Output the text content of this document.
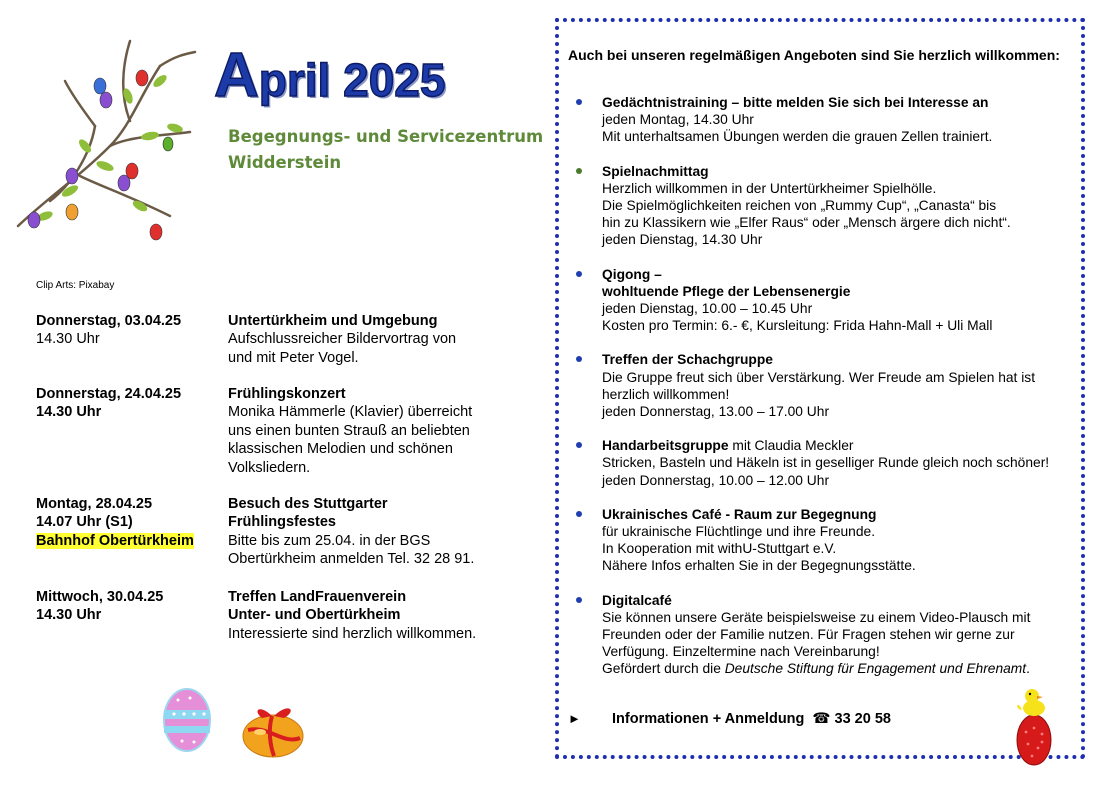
April 2025
Begegnungs- und Servicezentrum
Widderstein
Clip Arts: Pixabay
Donnerstag, 03.04.25
14.30 Uhr
Untertürkheim und Umgebung
Aufschlussreicher Bildervortrag von
und mit Peter Vogel.
Donnerstag, 24.04.25
14.30 Uhr
Frühlingskonzert
Monika Hämmerle (Klavier) überreicht
uns einen bunten Strauß an beliebten
klassischen Melodien und schönen
Volksliedern.
Montag, 28.04.25
14.07 Uhr (S1)
Bahnhof Obertürkheim
Besuch des Stuttgarter
Frühlingsfestes
Bitte bis zum 25.04. in der BGS
Obertürkheim anmelden Tel. 32 28 91.
Mittwoch, 30.04.25
14.30 Uhr
Treffen LandFrauenverein
Unter- und Obertürkheim
Interessierte sind herzlich willkommen.
Auch bei unseren regelmäßigen Angeboten sind Sie herzlich willkommen:
Gedächtnistraining – bitte melden Sie sich bei Interesse an
jeden Montag, 14.30 Uhr
Mit unterhaltsamen Übungen werden die grauen Zellen trainiert.
Spielnachmittag
Herzlich willkommen in der Untertürkheimer Spielhölle.
Die Spielmöglichkeiten reichen von „Rummy Cup“, „Canasta“ bis
hin zu Klassikern wie „Elfer Raus“ oder „Mensch ärgere dich nicht“.
jeden Dienstag, 14.30 Uhr
Qigong –
wohltuende Pflege der Lebensenergie
jeden Dienstag, 10.00 – 10.45 Uhr
Kosten pro Termin: 6.- €, Kursleitung: Frida Hahn-Mall + Uli Mall
Treffen der Schachgruppe
Die Gruppe freut sich über Verstärkung. Wer Freude am Spielen hat ist
herzlich willkommen!
jeden Donnerstag, 13.00 – 17.00 Uhr
Handarbeitsgruppe mit Claudia Meckler
Stricken, Basteln und Häkeln ist in geselliger Runde gleich noch schöner!
jeden Donnerstag, 10.00 – 12.00 Uhr
Ukrainisches Café - Raum zur Begegnung
für ukrainische Flüchtlinge und ihre Freunde.
In Kooperation mit withU-Stuttgart e.V.
Nähere Infos erhalten Sie in der Begegnungsstätte.
Digitalcafé
Sie können unsere Geräte beispielsweise zu einem Video-Plausch mit
Freunden oder der Familie nutzen. Für Fragen stehen wir gerne zur
Verfügung. Einzeltermine nach Vereinbarung!
Gefördert durch die Deutsche Stiftung für Engagement und Ehrenamt.
► Informationen + Anmeldung ☎ 33 20 58
